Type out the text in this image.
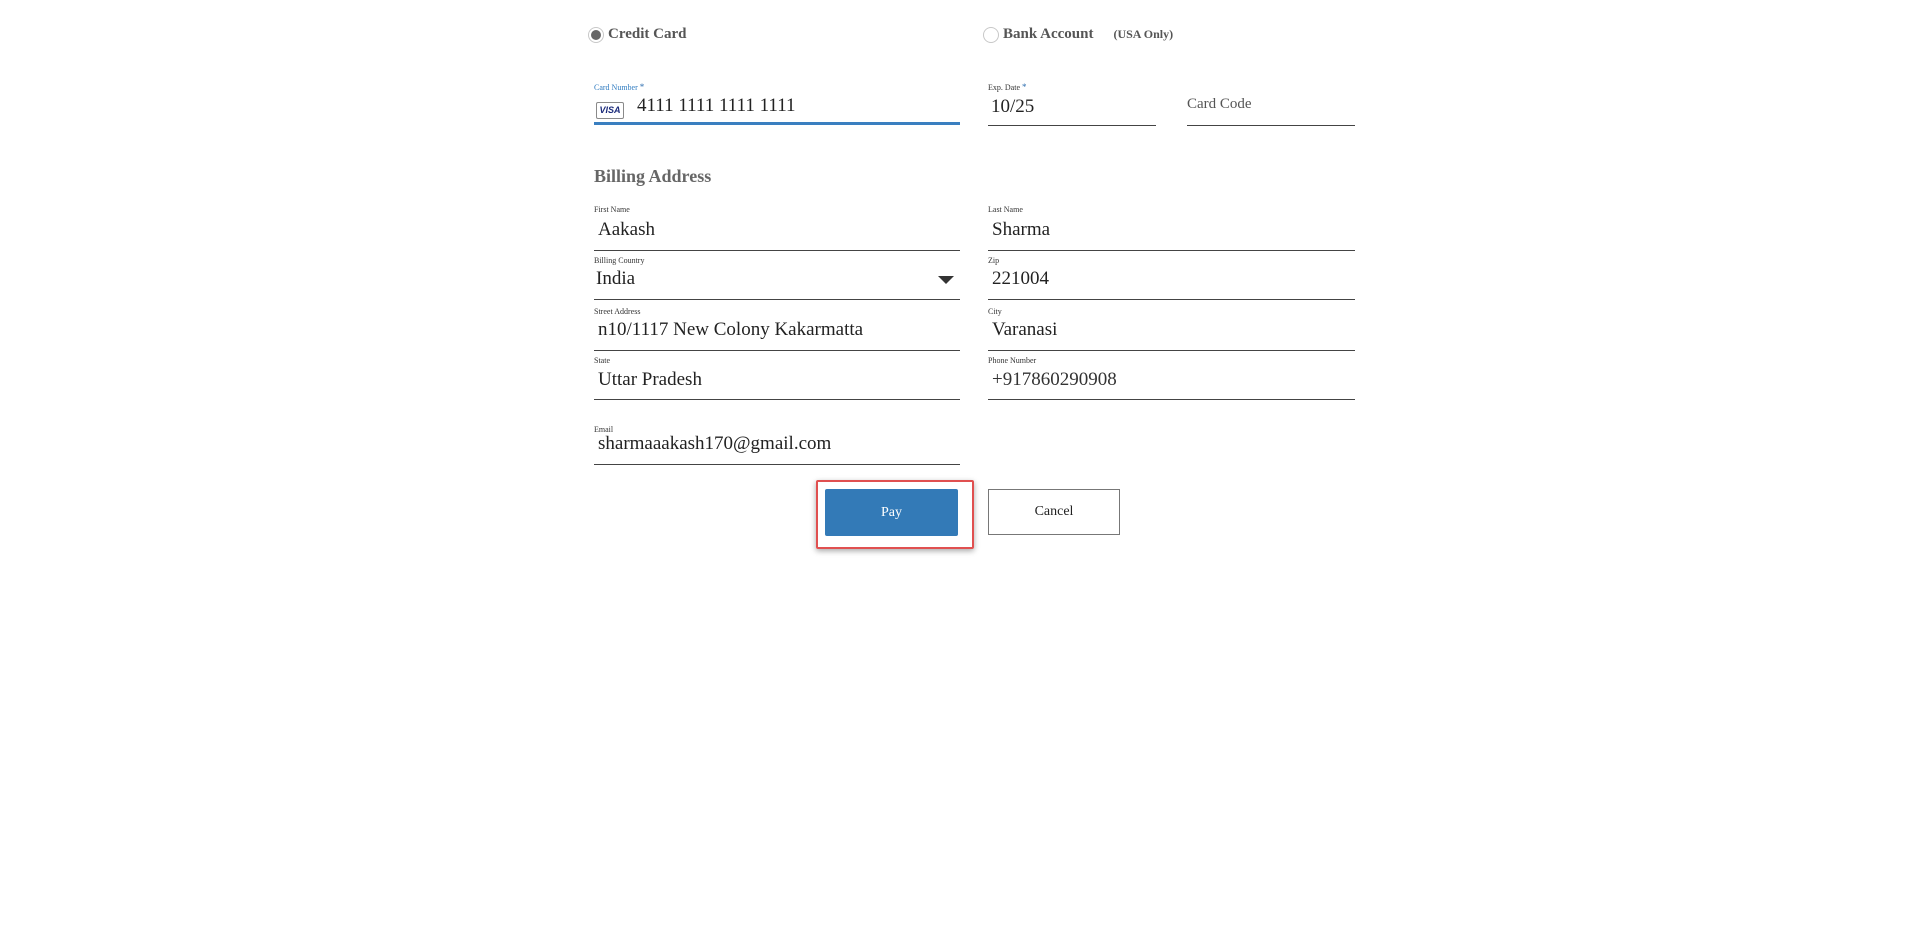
Credit Card	Bank Account (USA Only)
Card Number *
VISA 4111 1111 1111 1111
Exp. Date *
10/25	Card Code
Billing Address
First Name
Aakash
Last Name
Sharma
Billing Country
India
Zip
221004
Street Address
n10/1117 New Colony Kakarmatta
City
Varanasi
State
Uttar Pradesh
Phone Number
+917860290908
Email
sharmaaakash170@gmail.com
Pay	Cancel
